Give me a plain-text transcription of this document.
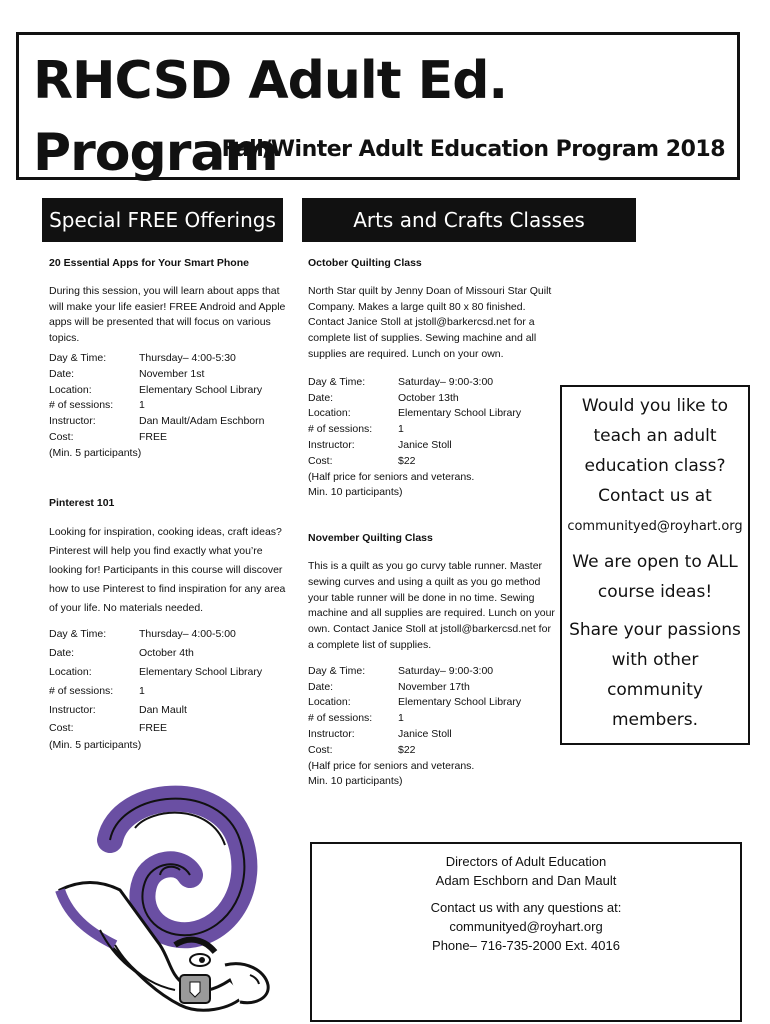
RHCSD Adult Ed. Program
Fall/Winter Adult Education Program 2018
Special FREE Offerings	Arts and Crafts Classes

20 Essential Apps for Your Smart Phone

During this session, you will learn about apps that will make your life easier! FREE Android and Apple apps will be presented that will focus on various topics.

Day & Time:	Thursday– 4:00-5:30
Date:	November 1st
Location:	Elementary School Library
# of sessions:	1
Instructor:	Dan Mault/Adam Eschborn
Cost:	FREE

(Min. 5 participants)

Pinterest 101

Looking for inspiration, cooking ideas, craft ideas? Pinterest will help you find exactly what you’re looking for! Participants in this course will discover how to use Pinterest to find inspiration for any area of your life. No materials needed.

Day & Time:	Thursday– 4:00-5:00
Date:	October 4th
Location:	Elementary School Library
# of sessions:	1
Instructor:	Dan Mault
Cost:	FREE

(Min. 5 participants)

October Quilting Class

North Star quilt by Jenny Doan of Missouri Star Quilt Company. Makes a large quilt 80 x 80 finished. Contact Janice Stoll at jstoll@barkercsd.net for a complete list of supplies. Sewing machine and all supplies are required. Lunch on your own.

Day & Time:	Saturday– 9:00-3:00
Date:	October 13th
Location:	Elementary School Library
# of sessions:	1
Instructor:	Janice Stoll
Cost:	$22

(Half price for seniors and veterans.

Min. 10 participants)

November Quilting Class

This is a quilt as you go curvy table runner. Master sewing curves and using a quilt as you go method your table runner will be done in no time. Sewing machine and all supplies are required. Lunch on your own. Contact Janice Stoll at jstoll@barkercsd.net for a complete list of supplies.

Day & Time:	Saturday– 9:00-3:00
Date:	November 17th
Location:	Elementary School Library
# of sessions:	1
Instructor:	Janice Stoll
Cost:	$22

(Half price for seniors and veterans.

Min. 10 participants)

Would you like to

teach an adult

education class?

Contact us at

communityed@royhart.org

We are open to ALL

course ideas!

Share your passions

with other

community

members.

Directors of Adult Education

Adam Eschborn and Dan Mault

Contact us with any questions at:

communityed@royhart.org

Phone– 716-735-2000 Ext. 4016
